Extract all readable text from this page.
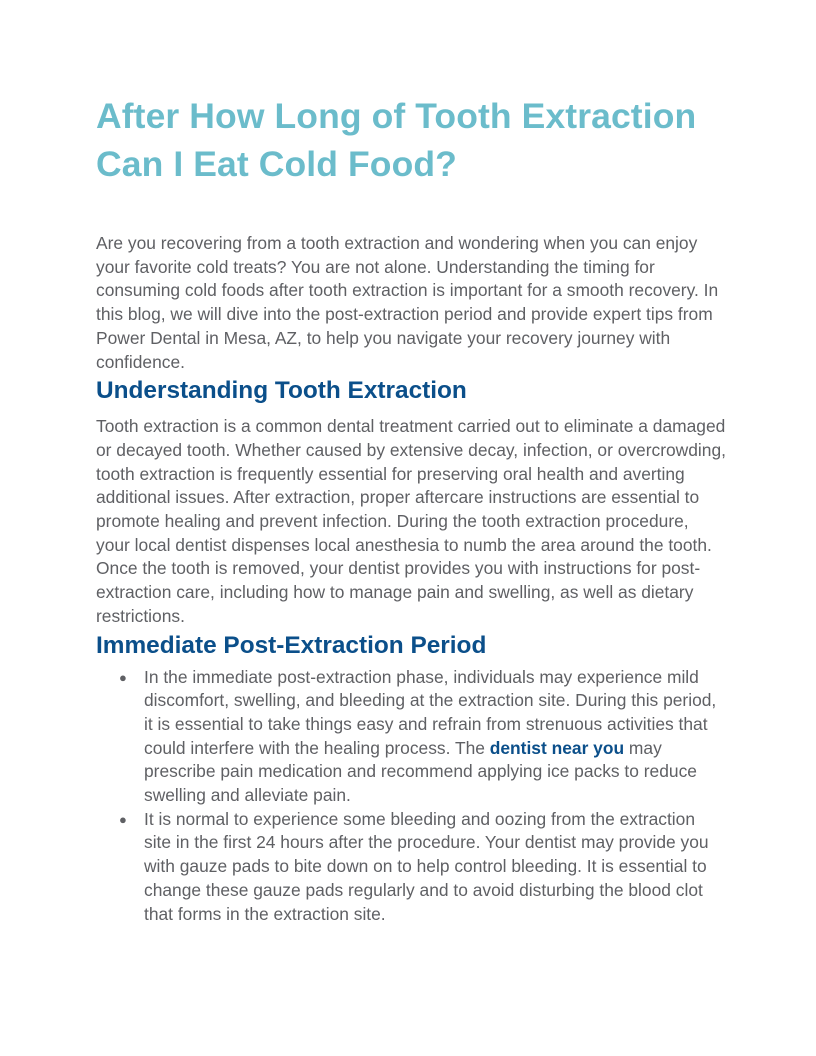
After How Long of Tooth Extraction Can I Eat Cold Food?

Are you recovering from a tooth extraction and wondering when you can enjoy your favorite cold treats? You are not alone. Understanding the timing for consuming cold foods after tooth extraction is important for a smooth recovery. In this blog, we will dive into the post-extraction period and provide expert tips from Power Dental in Mesa, AZ, to help you navigate your recovery journey with confidence.

Understanding Tooth Extraction

Tooth extraction is a common dental treatment carried out to eliminate a damaged or decayed tooth. Whether caused by extensive decay, infection, or overcrowding, tooth extraction is frequently essential for preserving oral health and averting additional issues. After extraction, proper aftercare instructions are essential to promote healing and prevent infection. During the tooth extraction procedure, your local dentist dispenses local anesthesia to numb the area around the tooth. Once the tooth is removed, your dentist provides you with instructions for post-extraction care, including how to manage pain and swelling, as well as dietary restrictions.

Immediate Post-Extraction Period
● In the immediate post-extraction phase, individuals may experience mild discomfort, swelling, and bleeding at the extraction site. During this period, it is essential to take things easy and refrain from strenuous activities that could interfere with the healing process. The dentist near you may prescribe pain medication and recommend applying ice packs to reduce swelling and alleviate pain.
● It is normal to experience some bleeding and oozing from the extraction site in the first 24 hours after the procedure. Your dentist may provide you with gauze pads to bite down on to help control bleeding. It is essential to change these gauze pads regularly and to avoid disturbing the blood clot that forms in the extraction site.
